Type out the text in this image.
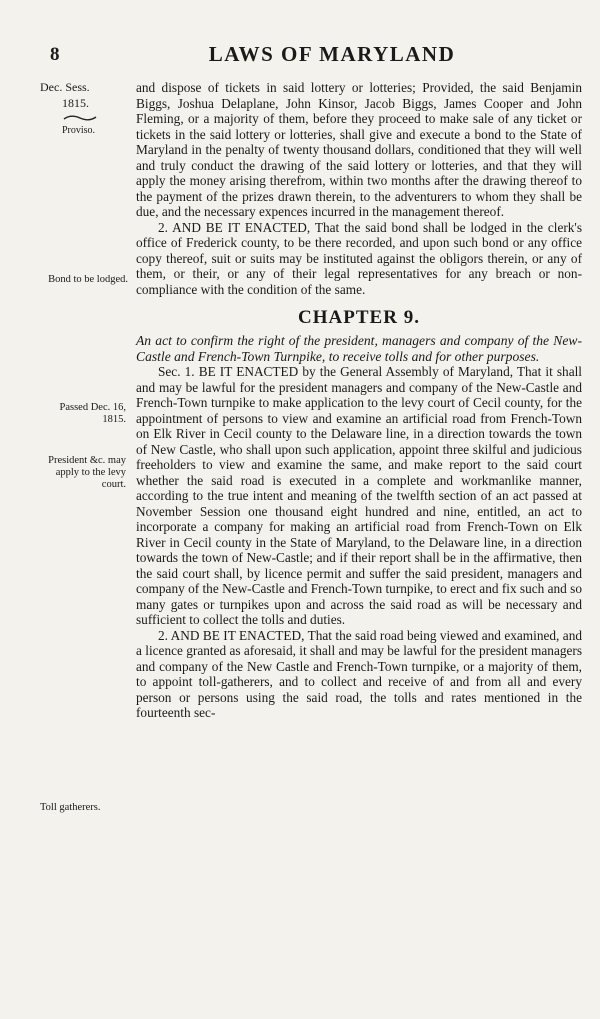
8	LAWS OF MARYLAND
Dec. Sess.
1815.
Proviso.
Bond to be lodged.
Passed Dec. 16, 1815.
President &c. may apply to the levy court.
Toll gatherers.

and dispose of tickets in said lottery or lotteries; Provided, the said Benjamin Biggs, Joshua Delaplane, John Kinsor, Jacob Biggs, James Cooper and John Fleming, or a majority of them, before they proceed to make sale of any ticket or tickets in the said lottery or lotteries, shall give and execute a bond to the State of Maryland in the penalty of twenty thousand dollars, conditioned that they will well and truly conduct the drawing of the said lottery or lotteries, and that they will apply the money arising therefrom, within two months after the drawing thereof to the payment of the prizes drawn therein, to the adventurers to whom they shall be due, and the necessary expences incurred in the management thereof.

2. AND BE IT ENACTED, That the said bond shall be lodged in the clerk's office of Frederick county, to be there recorded, and upon such bond or any office copy thereof, suit or suits may be instituted against the obligors therein, or any of them, or their, or any of their legal representatives for any breach or non-compliance with the condition of the same.

CHAPTER 9.

An act to confirm the right of the president, managers and company of the New-Castle and French-Town Turnpike, to receive tolls and for other purposes.

Sec. 1. BE IT ENACTED by the General Assembly of Maryland, That it shall and may be lawful for the president managers and company of the New-Castle and French-Town turnpike to make application to the levy court of Cecil county, for the appointment of persons to view and examine an artificial road from French-Town on Elk River in Cecil county to the Delaware line, in a direction towards the town of New Castle, who shall upon such application, appoint three skilful and judicious freeholders to view and examine the same, and make report to the said court whether the said road is executed in a complete and workmanlike manner, according to the true intent and meaning of the twelfth section of an act passed at November Session one thousand eight hundred and nine, entitled, an act to incorporate a company for making an artificial road from French-Town on Elk River in Cecil county in the State of Maryland, to the Delaware line, in a direction towards the town of New-Castle; and if their report shall be in the affirmative, then the said court shall, by licence permit and suffer the said president, managers and company of the New-Castle and French-Town turnpike, to erect and fix such and so many gates or turnpikes upon and across the said road as will be necessary and sufficient to collect the tolls and duties.

2. AND BE IT ENACTED, That the said road being viewed and examined, and a licence granted as aforesaid, it shall and may be lawful for the president managers and company of the New Castle and French-Town turnpike, or a majority of them, to appoint toll-gatherers, and to collect and receive of and from all and every person or persons using the said road, the tolls and rates mentioned in the fourteenth sec-
